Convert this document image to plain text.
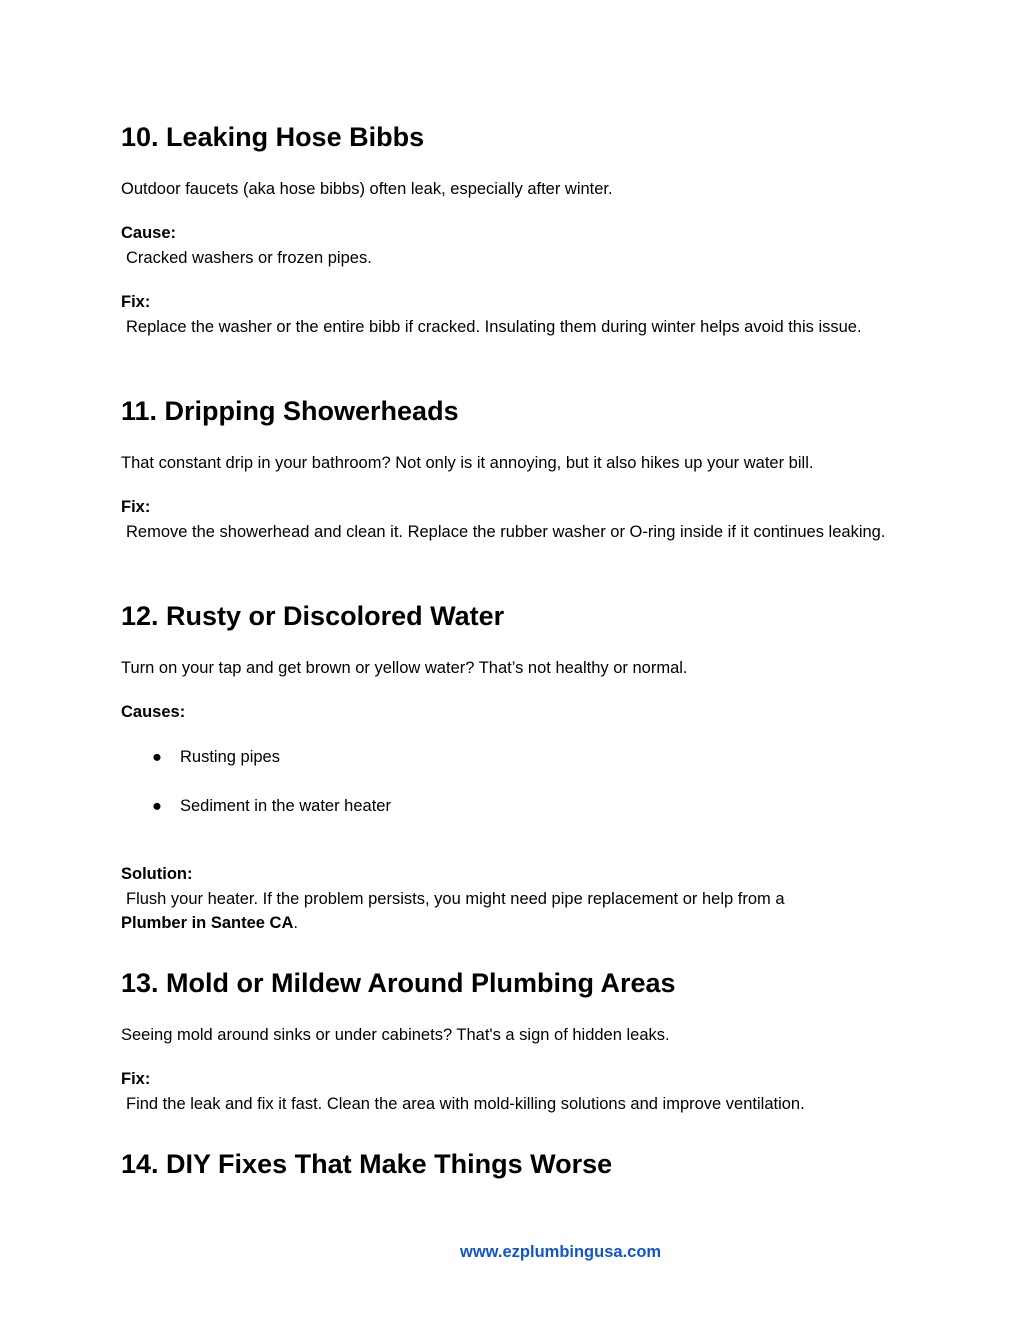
10. Leaking Hose Bibbs

Outdoor faucets (aka hose bibbs) often leak, especially after winter.

Cause:
Cracked washers or frozen pipes.
Fix:
Replace the washer or the entire bibb if cracked. Insulating them during winter helps avoid this issue.
11. Dripping Showerheads

That constant drip in your bathroom? Not only is it annoying, but it also hikes up your water bill.

Fix:
Remove the showerhead and clean it. Replace the rubber washer or O-ring inside if it continues leaking.
12. Rusty or Discolored Water

Turn on your tap and get brown or yellow water? That’s not healthy or normal.

Causes:

● Rusting pipes
● Sediment in the water heater
Solution:
Flush your heater. If the problem persists, you might need pipe replacement or help from a
Plumber in Santee CA.
13. Mold or Mildew Around Plumbing Areas

Seeing mold around sinks or under cabinets? That's a sign of hidden leaks.

Fix:
Find the leak and fix it fast. Clean the area with mold-killing solutions and improve ventilation.
14. DIY Fixes That Make Things Worse
www.ezplumbingusa.com
